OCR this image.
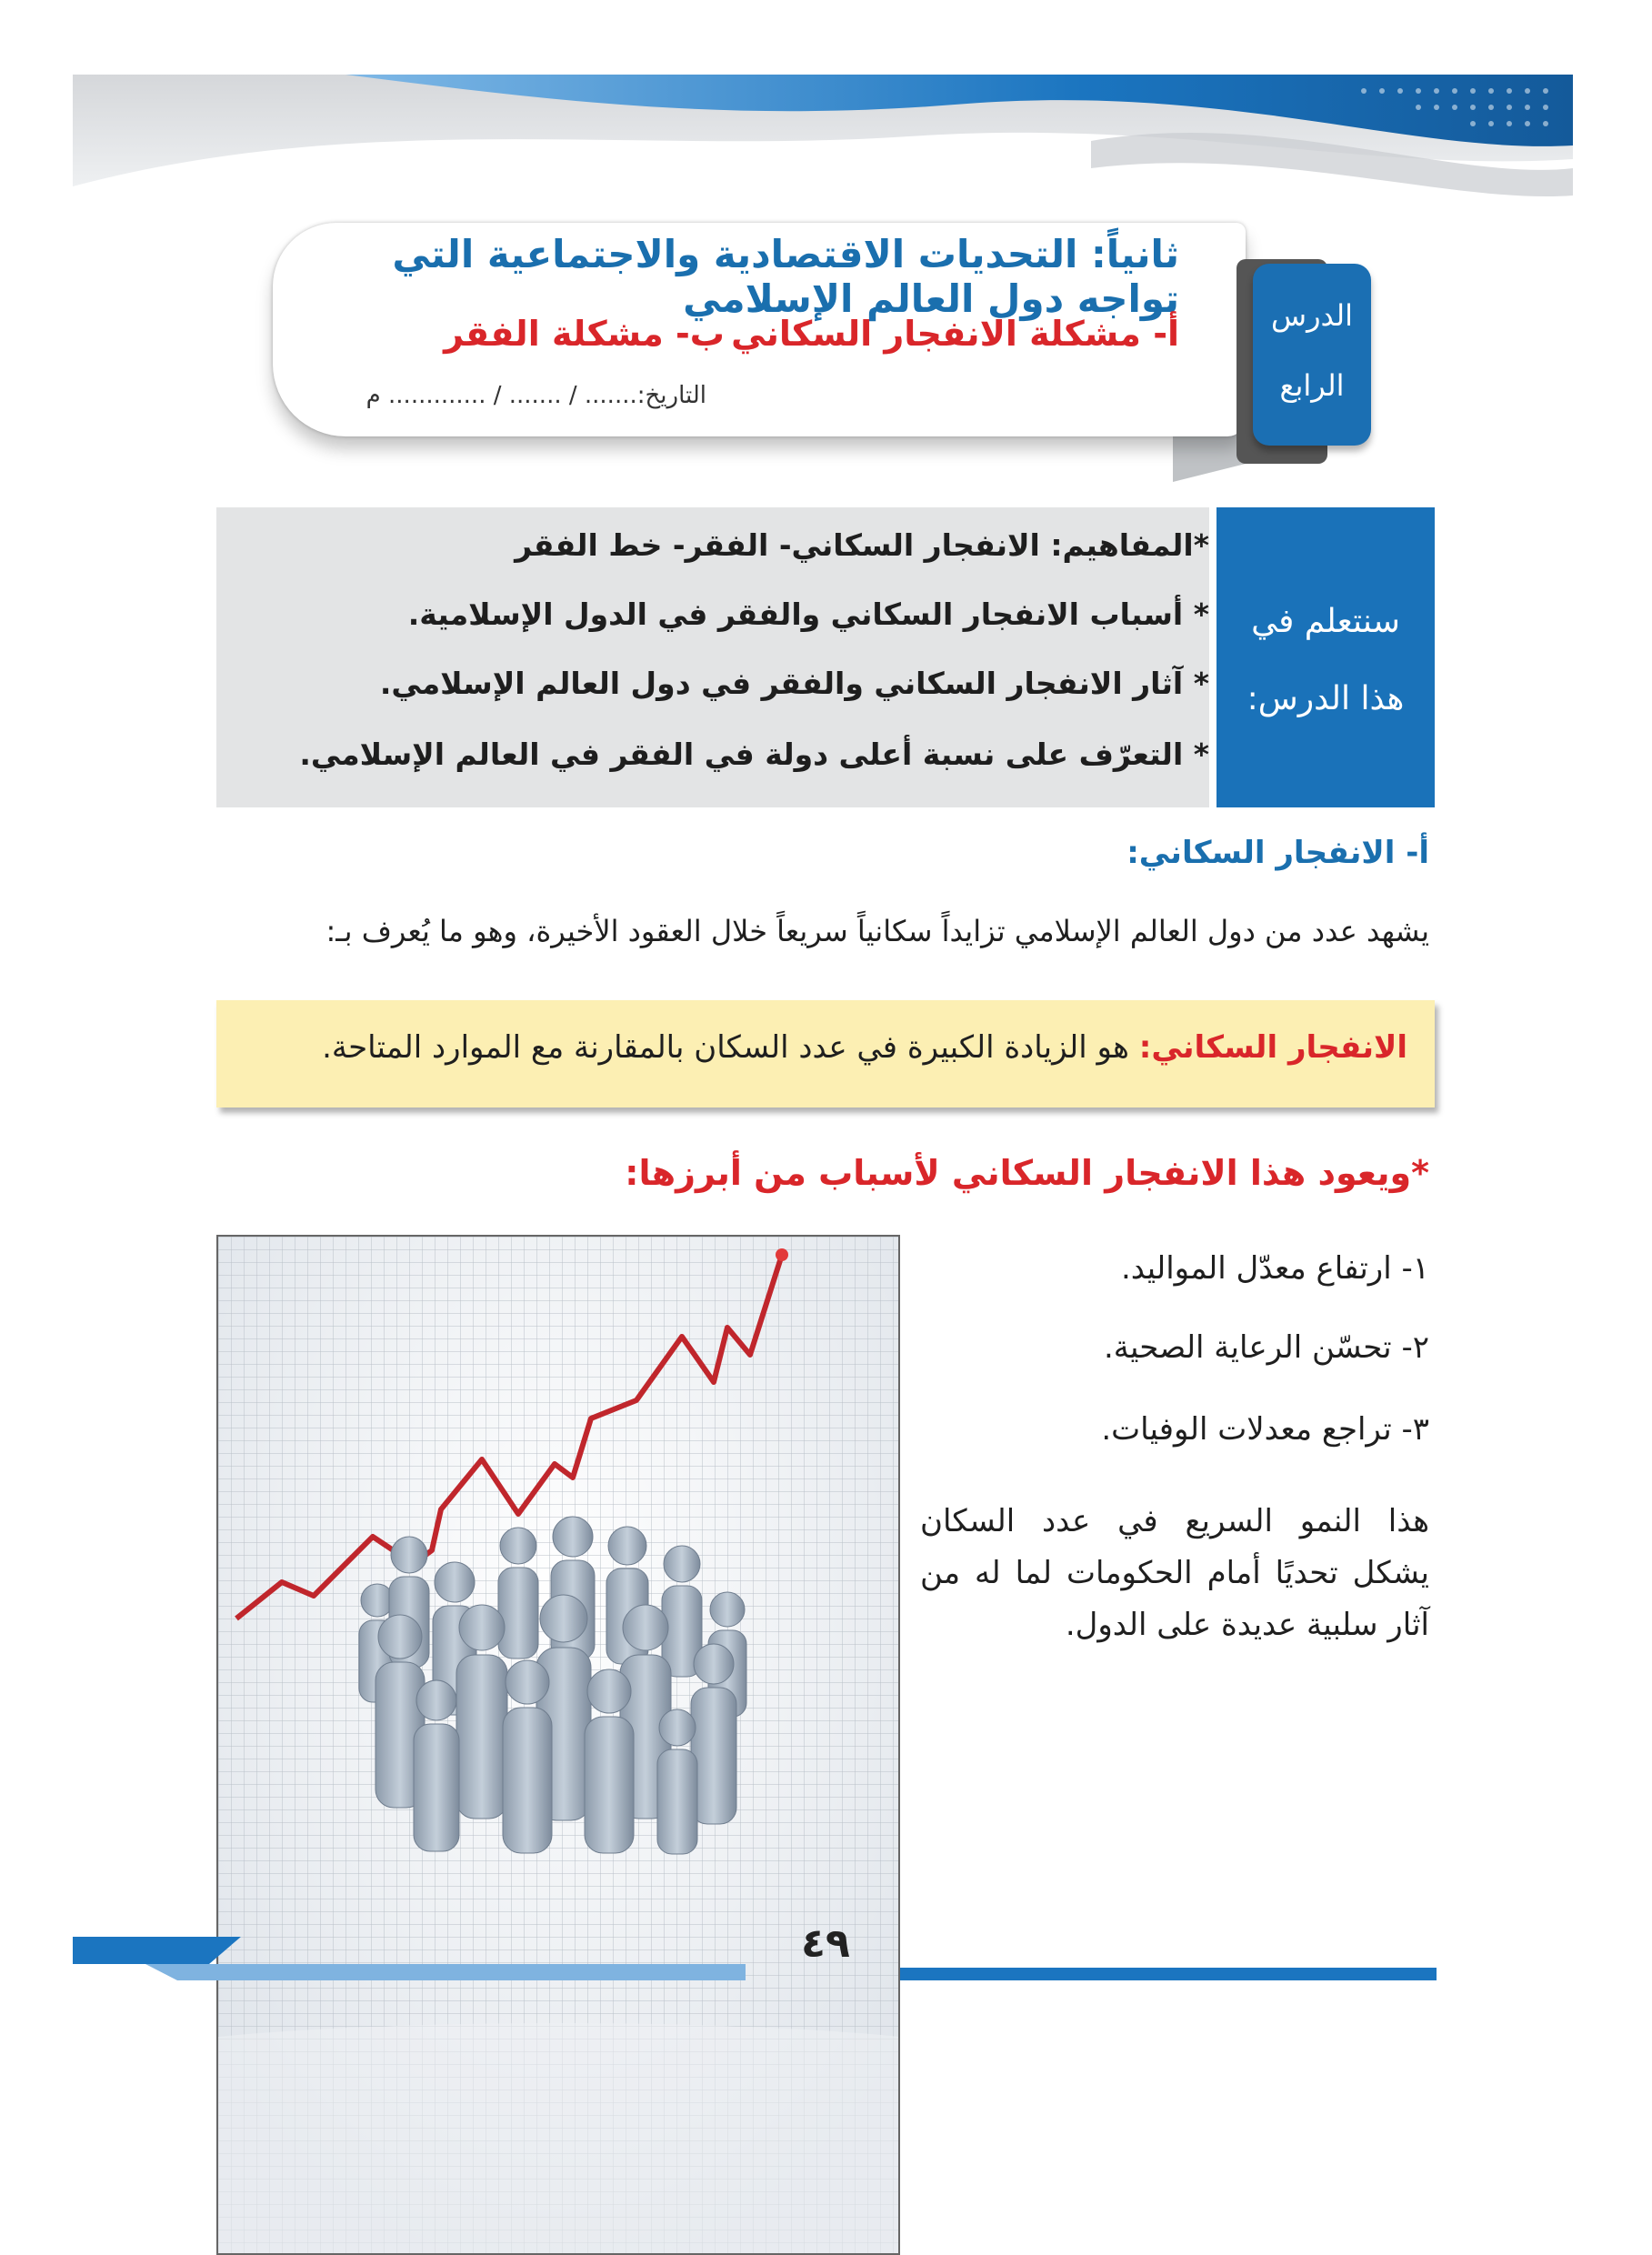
ثانياً: التحديات الاقتصادية والاجتماعية التي تواجه دول العالم الإسلامي
أ- مشكلة الانفجار السكاني
ب- مشكلة الفقر
التاريخ:....... / ....... / ............. م
الدرس
الرابع
*المفاهيم: الانفجار السكاني- الفقر- خط الفقر
* أسباب الانفجار السكاني والفقر في الدول الإسلامية.
* آثار الانفجار السكاني والفقر في دول العالم الإسلامي.
* التعرّف على نسبة أعلى دولة في الفقر في العالم الإسلامي.
سنتعلم في
هذا الدرس:
أ- الانفجار السكاني:
يشهد عدد من دول العالم الإسلامي تزايداً سكانياً سريعاً خلال العقود الأخيرة، وهو ما يُعرف بـ:
الانفجار السكاني: هو الزيادة الكبيرة في عدد السكان بالمقارنة مع الموارد المتاحة.
*ويعود هذا الانفجار السكاني لأسباب من أبرزها:
١- ارتفاع معدّل المواليد.
٢- تحسّن الرعاية الصحية.
٣- تراجع معدلات الوفيات.
هذا النمو السريع في عدد السكان يشكل تحديًا أمام الحكومات لما له من آثار سلبية عديدة على الدول.
٤٩
